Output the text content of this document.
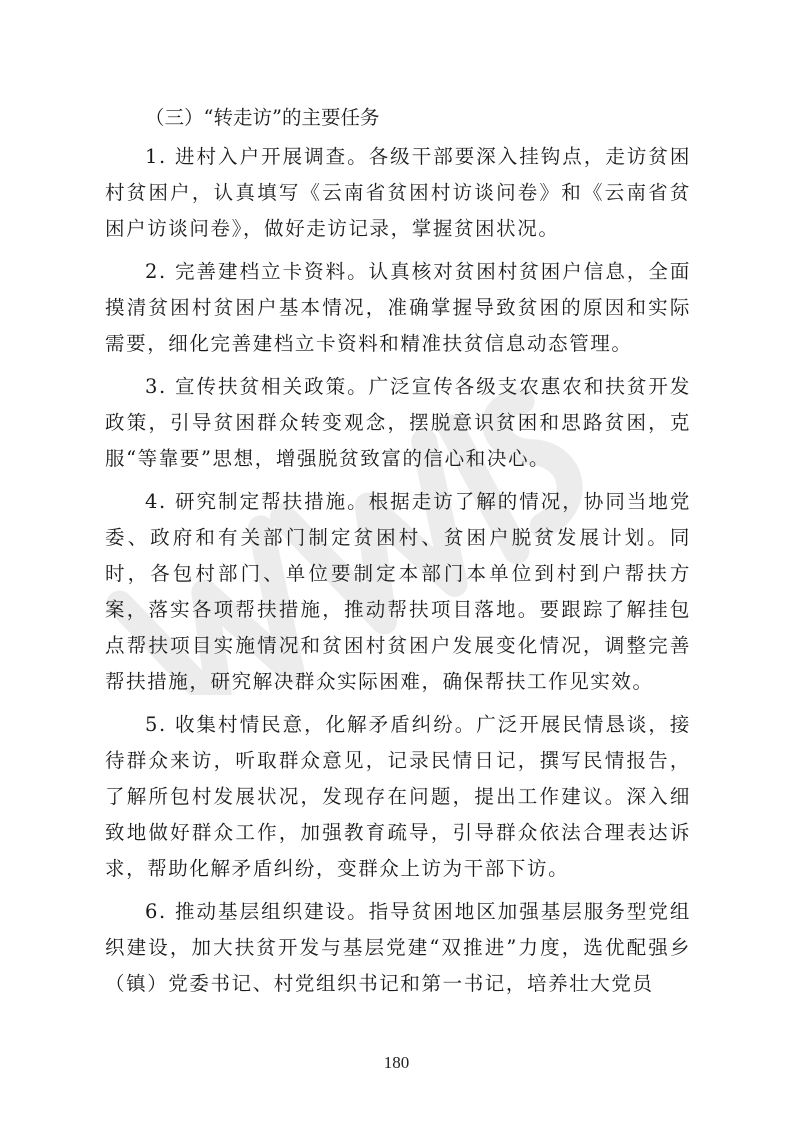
（三）“转走访”的主要任务

1. 进村入户开展调查。各级干部要深入挂钩点，走访贫困村贫困户，认真填写《云南省贫困村访谈问卷》和《云南省贫困户访谈问卷》，做好走访记录，掌握贫困状况。

2. 完善建档立卡资料。认真核对贫困村贫困户信息，全面摸清贫困村贫困户基本情况，准确掌握导致贫困的原因和实际需要，细化完善建档立卡资料和精准扶贫信息动态管理。

3. 宣传扶贫相关政策。广泛宣传各级支农惠农和扶贫开发政策，引导贫困群众转变观念，摆脱意识贫困和思路贫困，克服“等靠要”思想，增强脱贫致富的信心和决心。

4. 研究制定帮扶措施。根据走访了解的情况，协同当地党委、政府和有关部门制定贫困村、贫困户脱贫发展计划。同时，各包村部门、单位要制定本部门本单位到村到户帮扶方案，落实各项帮扶措施，推动帮扶项目落地。要跟踪了解挂包点帮扶项目实施情况和贫困村贫困户发展变化情况，调整完善帮扶措施，研究解决群众实际困难，确保帮扶工作见实效。

5. 收集村情民意，化解矛盾纠纷。广泛开展民情恳谈，接待群众来访，听取群众意见，记录民情日记，撰写民情报告，了解所包村发展状况，发现存在问题，提出工作建议。深入细致地做好群众工作，加强教育疏导，引导群众依法合理表达诉求，帮助化解矛盾纠纷，变群众上访为干部下访。

6. 推动基层组织建设。指导贫困地区加强基层服务型党组织建设，加大扶贫开发与基层党建“双推进”力度，选优配强乡（镇）党委书记、村党组织书记和第一书记，培养壮大党员

180
